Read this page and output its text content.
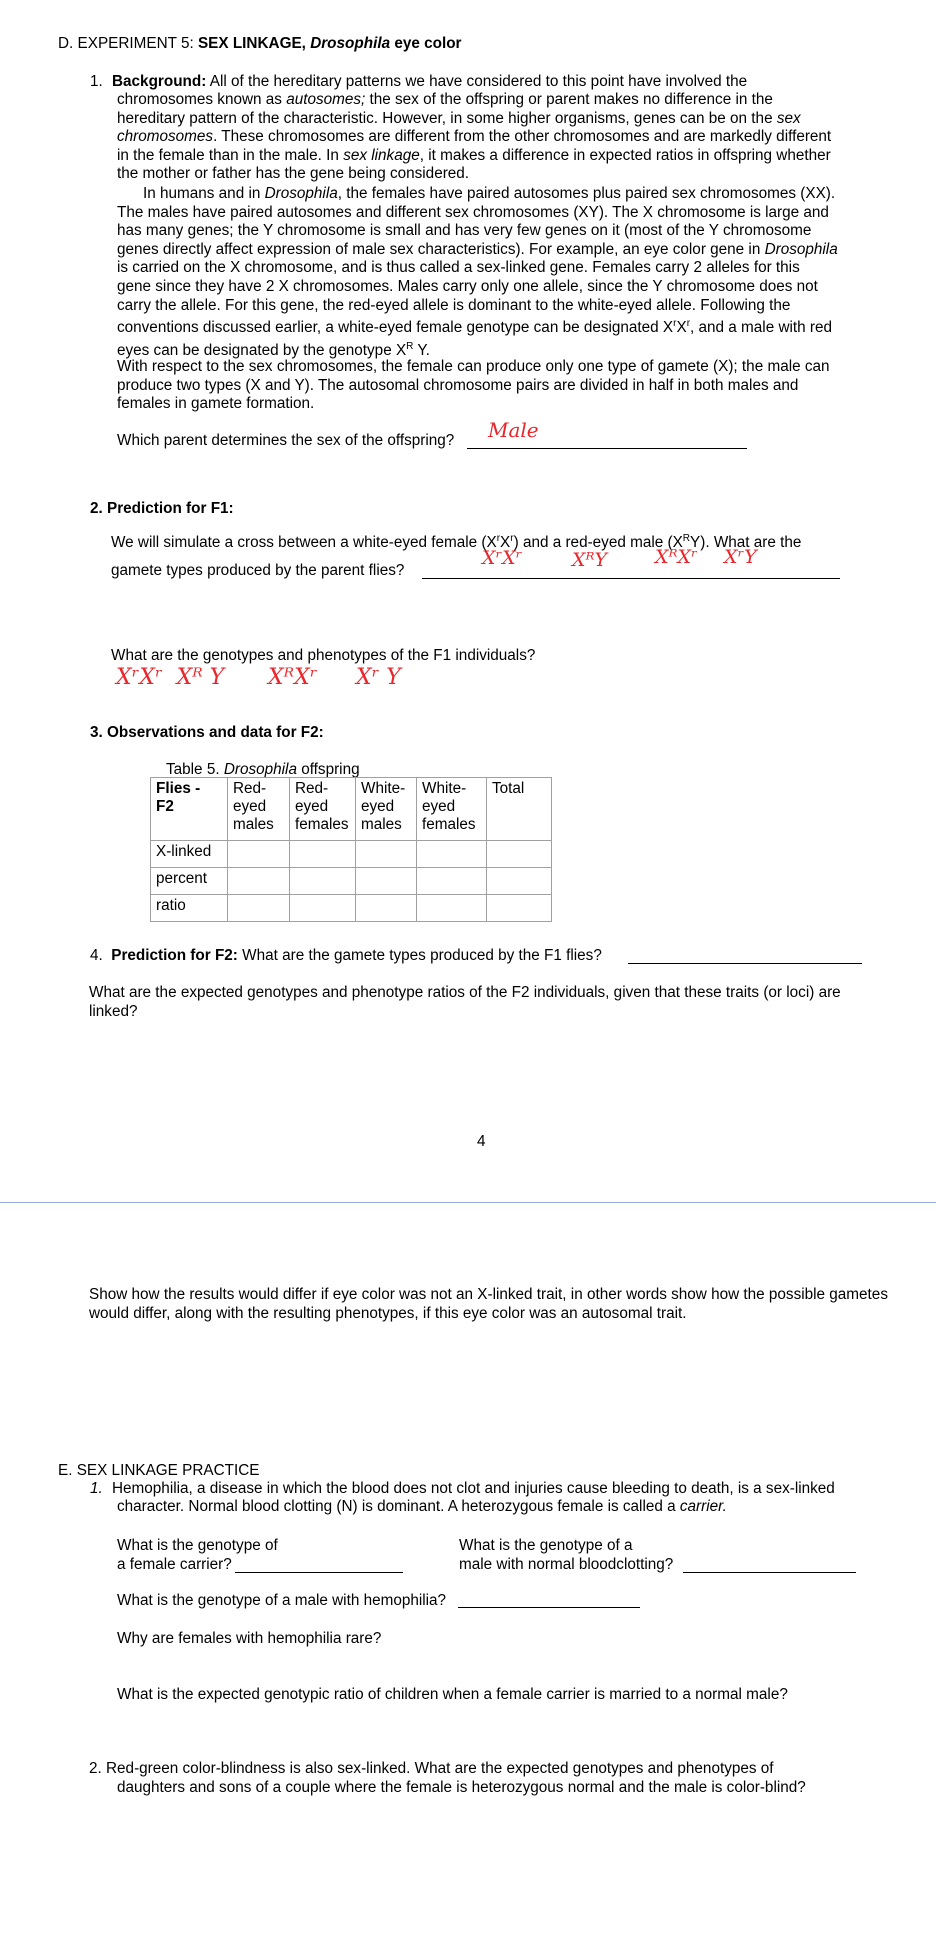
D. EXPERIMENT 5: SEX LINKAGE, Drosophila eye color
1. Background: All of the hereditary patterns we have considered to this point have involved the
chromosomes known as autosomes; the sex of the offspring or parent makes no difference in the
hereditary pattern of the characteristic. However, in some higher organisms, genes can be on the sex
chromosomes. These chromosomes are different from the other chromosomes and are markedly different
in the female than in the male. In sex linkage, it makes a difference in expected ratios in offspring whether
the mother or father has the gene being considered.
In humans and in Drosophila, the females have paired autosomes plus paired sex chromosomes (XX).
The males have paired autosomes and different sex chromosomes (XY). The X chromosome is large and
has many genes; the Y chromosome is small and has very few genes on it (most of the Y chromosome
genes directly affect expression of male sex characteristics). For example, an eye color gene in Drosophila
is carried on the X chromosome, and is thus called a sex-linked gene. Females carry 2 alleles for this
gene since they have 2 X chromosomes. Males carry only one allele, since the Y chromosome does not
carry the allele. For this gene, the red-eyed allele is dominant to the white-eyed allele. Following the
conventions discussed earlier, a white-eyed female genotype can be designated $X^rX^r$, and a male with red
eyes can be designated by the genotype $X^R$ Y.
With respect to the sex chromosomes, the female can produce only one type of gamete (X); the male can
produce two types (X and Y). The autosomal chromosome pairs are divided in half in both males and
females in gamete formation.
Which parent determines the sex of the offspring? Male
2. Prediction for F1:
We will simulate a cross between a white-eyed female $(X^rX^r)$ and a red-eyed male $(X^RY)$. What are the
gamete types produced by the parent flies?
XʳXʳ	XᴿY	XᴿXʳ XʳY
What are the genotypes and phenotypes of the F1 individuals?
XʳXʳ  Xᴿ Y XᴿXʳ Xʳ Y
3. Observations and data for F2:
Table 5. Drosophila offspring
Flies - F2	Red-eyed males	Red-eyed females	White-eyed males	White-eyed females	Total
X-linked					
percent					
ratio					
4. Prediction for F2: What are the gamete types produced by the F1 flies?
What are the expected genotypes and phenotype ratios of the F2 individuals, given that these traits (or loci) are
linked?
4
Show how the results would differ if eye color was not an X-linked trait, in other words show how the possible gametes
would differ, along with the resulting phenotypes, if this eye color was an autosomal trait.
E. SEX LINKAGE PRACTICE
1. Hemophilia, a disease in which the blood does not clot and injuries cause bleeding to death, is a sex-linked
character. Normal blood clotting (N) is dominant. A heterozygous female is called a carrier.
What is the genotype of
a female carrier?
What is the genotype of a
male with normal bloodclotting?
What is the genotype of a male with hemophilia?
Why are females with hemophilia rare?
What is the expected genotypic ratio of children when a female carrier is married to a normal male?
2. Red-green color-blindness is also sex-linked. What are the expected genotypes and phenotypes of
daughters and sons of a couple where the female is heterozygous normal and the male is color-blind?
